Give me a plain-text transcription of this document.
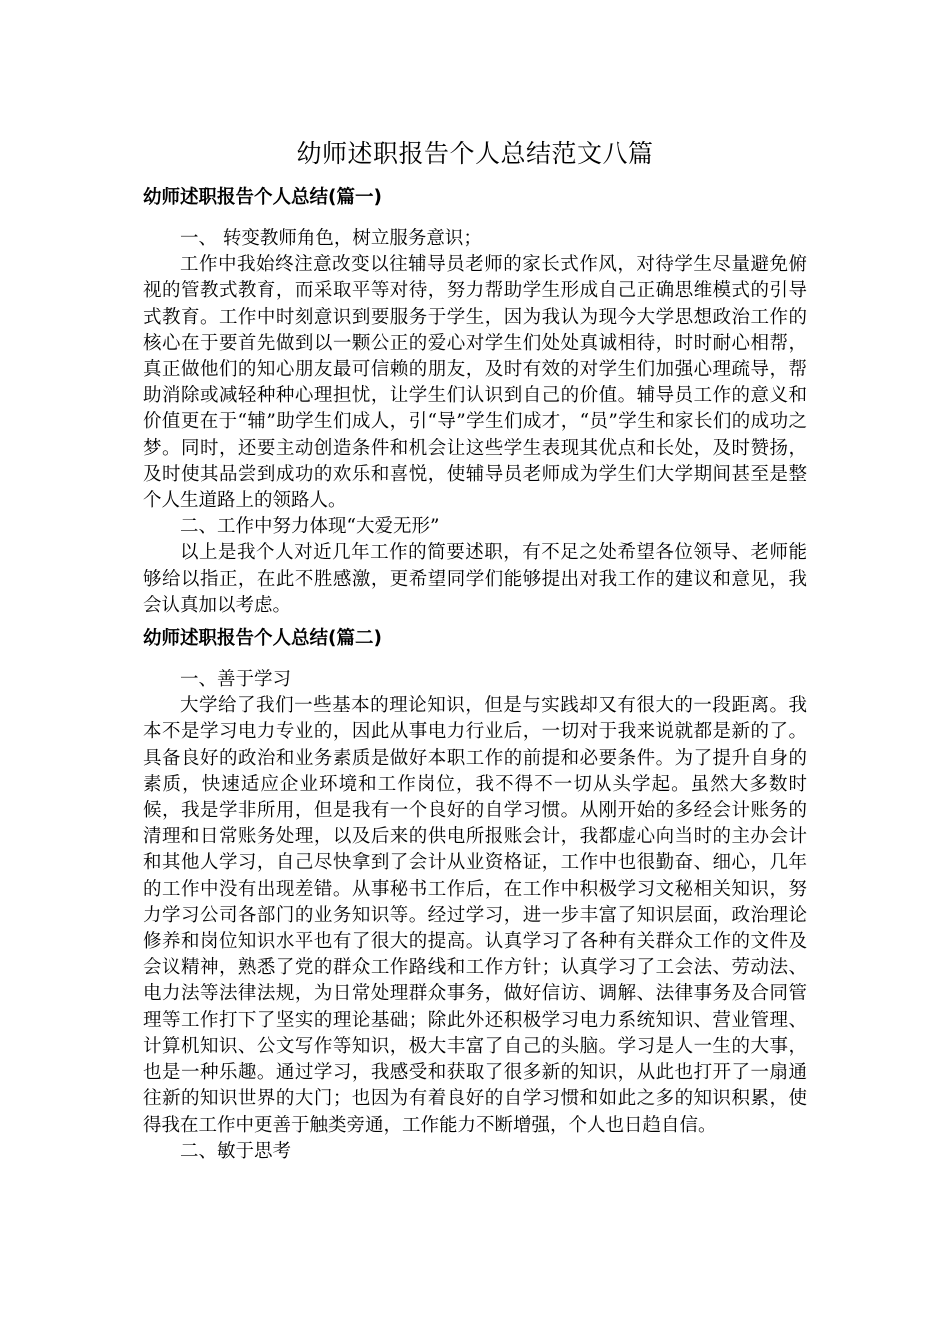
幼师述职报告个人总结范文八篇
幼师述职报告个人总结(篇一)

一、 转变教师角色，树立服务意识；

工作中我始终注意改变以往辅导员老师的家长式作风，对待学生尽量避免俯视的管教式教育，而采取平等对待，努力帮助学生形成自己正确思维模式的引导式教育。工作中时刻意识到要服务于学生，因为我认为现今大学思想政治工作的核心在于要首先做到以一颗公正的爱心对学生们处处真诚相待，时时耐心相帮，真正做他们的知心朋友最可信赖的朋友，及时有效的对学生们加强心理疏导，帮助消除或减轻种种心理担忧，让学生们认识到自己的价值。辅导员工作的意义和价值更在于“辅”助学生们成人，引“导”学生们成才，“员”学生和家长们的成功之梦。同时，还要主动创造条件和机会让这些学生表现其优点和长处，及时赞扬，及时使其品尝到成功的欢乐和喜悦，使辅导员老师成为学生们大学期间甚至是整个人生道路上的领路人。

二、工作中努力体现“大爱无形”

以上是我个人对近几年工作的简要述职，有不足之处希望各位领导、老师能够给以指正，在此不胜感激，更希望同学们能够提出对我工作的建议和意见，我会认真加以考虑。

幼师述职报告个人总结(篇二)

一、善于学习

大学给了我们一些基本的理论知识，但是与实践却又有很大的一段距离。我本不是学习电力专业的，因此从事电力行业后，一切对于我来说就都是新的了。具备良好的政治和业务素质是做好本职工作的前提和必要条件。为了提升自身的素质，快速适应企业环境和工作岗位，我不得不一切从头学起。虽然大多数时候，我是学非所用，但是我有一个良好的自学习惯。从刚开始的多经会计账务的清理和日常账务处理，以及后来的供电所报账会计，我都虚心向当时的主办会计和其他人学习，自己尽快拿到了会计从业资格证，工作中也很勤奋、细心，几年的工作中没有出现差错。从事秘书工作后，在工作中积极学习文秘相关知识，努力学习公司各部门的业务知识等。经过学习，进一步丰富了知识层面，政治理论修养和岗位知识水平也有了很大的提高。认真学习了各种有关群众工作的文件及会议精神，熟悉了党的群众工作路线和工作方针；认真学习了工会法、劳动法、电力法等法律法规，为日常处理群众事务，做好信访、调解、法律事务及合同管理等工作打下了坚实的理论基础；除此外还积极学习电力系统知识、营业管理、计算机知识、公文写作等知识，极大丰富了自己的头脑。学习是人一生的大事，也是一种乐趣。通过学习，我感受和获取了很多新的知识，从此也打开了一扇通往新的知识世界的大门；也因为有着良好的自学习惯和如此之多的知识积累，使得我在工作中更善于触类旁通，工作能力不断增强，个人也日趋自信。

二、敏于思考
